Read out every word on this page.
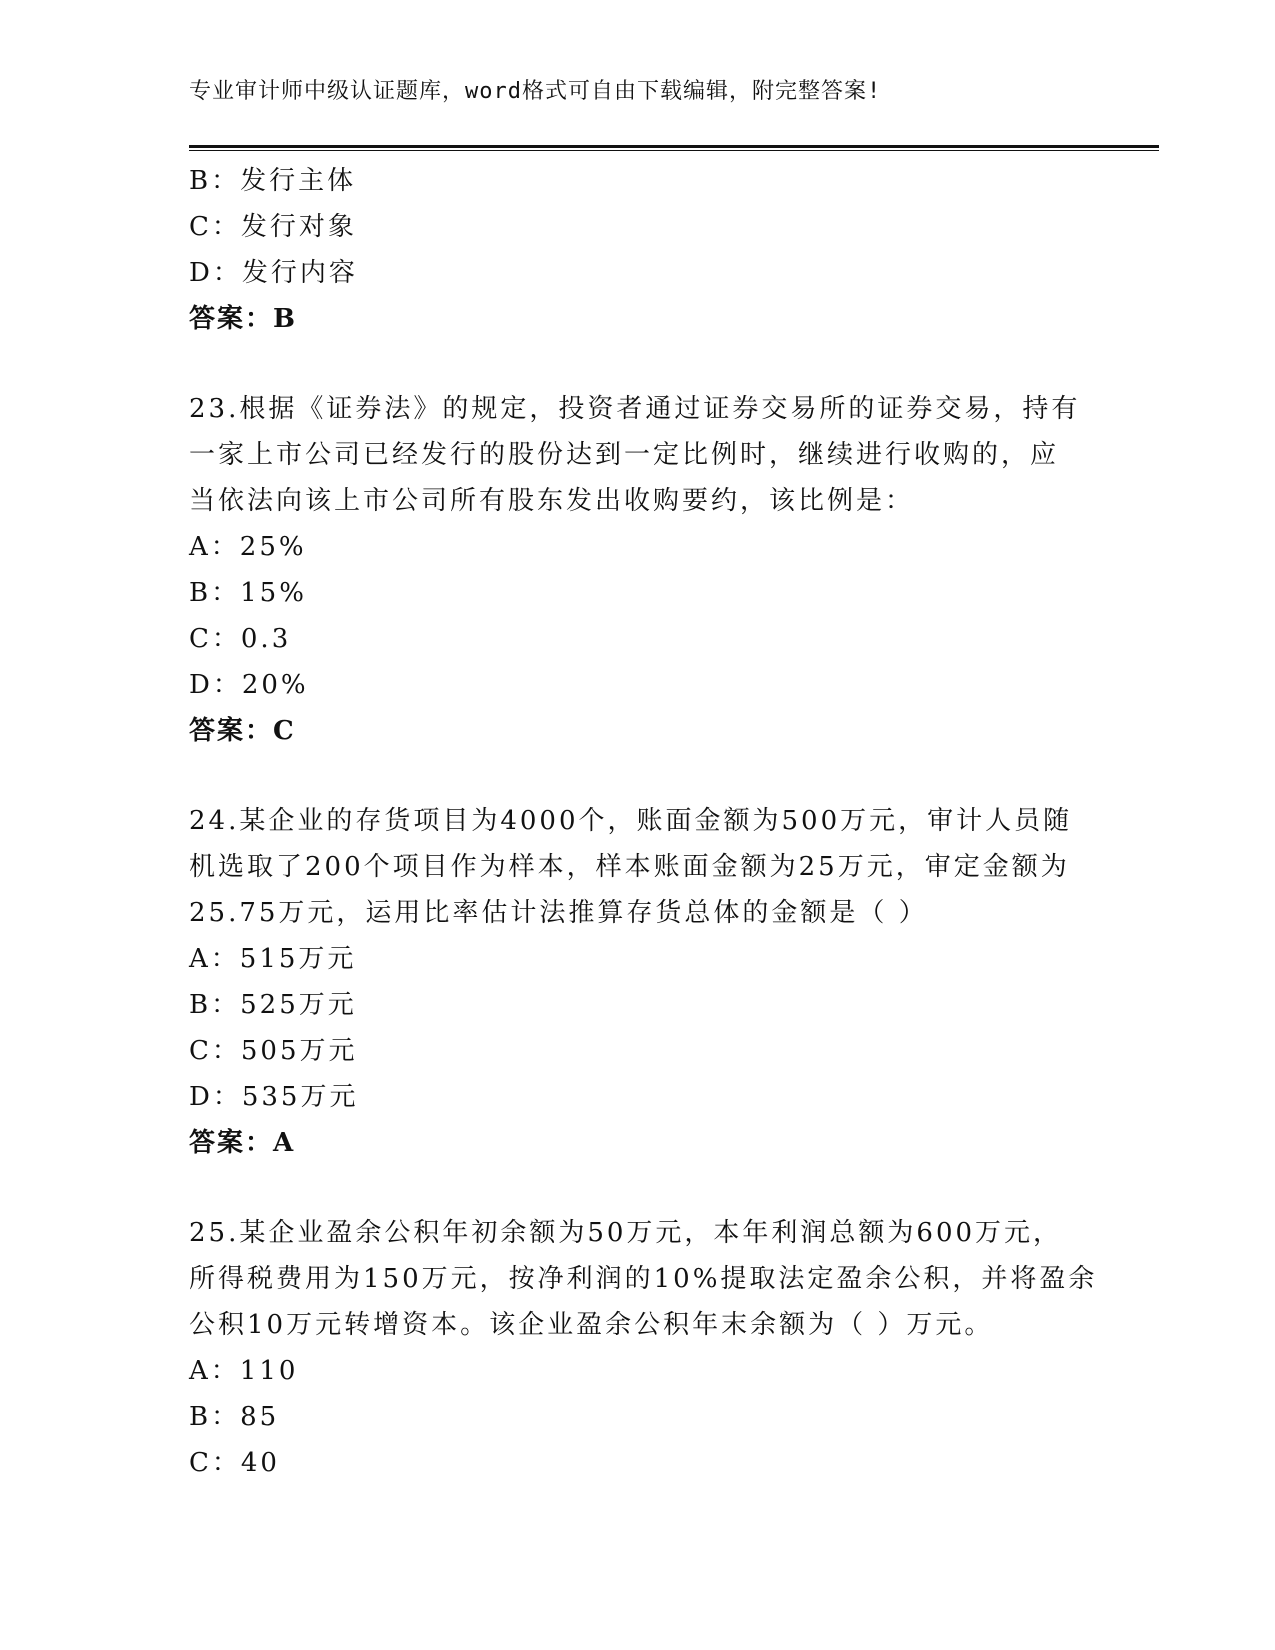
专业审计师中级认证题库，word格式可自由下载编辑，附完整答案!
B：发行主体
C：发行对象
D：发行内容
答案：B
23.根据《证券法》的规定，投资者通过证券交易所的证券交易，持有
一家上市公司已经发行的股份达到一定比例时，继续进行收购的，应
当依法向该上市公司所有股东发出收购要约，该比例是：
A：25%
B：15%
C：0.3
D：20%
答案：C
24.某企业的存货项目为4000个，账面金额为500万元，审计人员随
机选取了200个项目作为样本，样本账面金额为25万元，审定金额为
25.75万元，运用比率估计法推算存货总体的金额是（ ）
A：515万元
B：525万元
C：505万元
D：535万元
答案：A
25.某企业盈余公积年初余额为50万元，本年利润总额为600万元，
所得税费用为150万元，按净利润的10%提取法定盈余公积，并将盈余
公积10万元转增资本。该企业盈余公积年末余额为（ ）万元。
A：110
B：85
C：40
